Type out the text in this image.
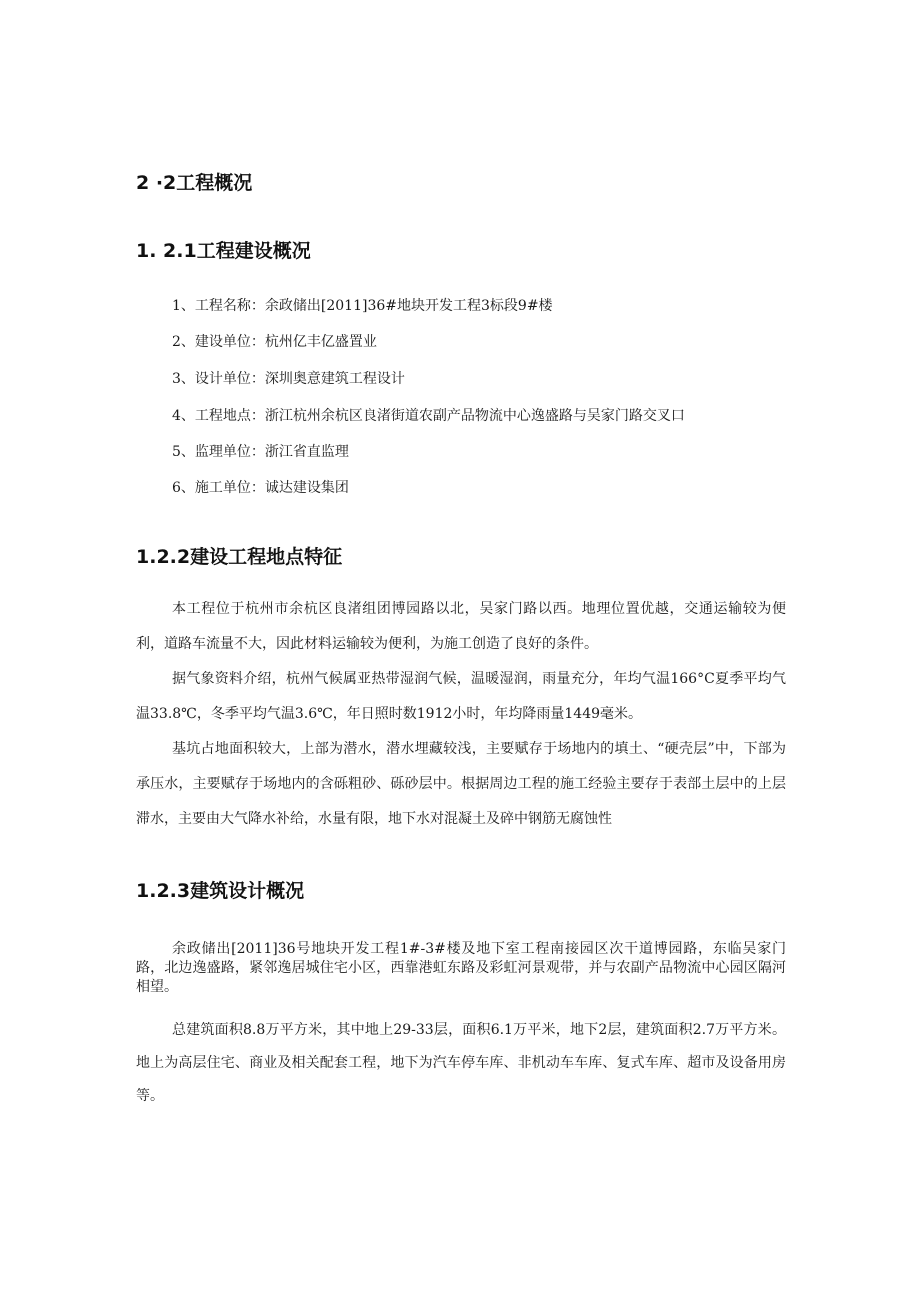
2 ·2工程概况
1. 2.1工程建设概况
1、工程名称：余政储出[2011]36#地块开发工程3标段9#楼
2、建设单位：杭州亿丰亿盛置业
3、设计单位：深圳奥意建筑工程设计
4、工程地点：浙江杭州余杭区良渚街道农副产品物流中心逸盛路与吴家门路交叉口
5、监理单位：浙江省直监理
6、施工单位：诚达建设集团
1.2.2建设工程地点特征
本工程位于杭州市余杭区良渚组团博园路以北，吴家门路以西。地理位置优越，交通运输较为便利，道路车流量不大，因此材料运输较为便利，为施工创造了良好的条件。
据气象资料介绍，杭州气候属亚热带湿润气候，温暖湿润，雨量充分，年均气温166°C夏季平均气温33.8℃，冬季平均气温3.6℃，年日照时数1912小时，年均降雨量1449毫米。
基坑占地面积较大，上部为潜水，潜水埋藏较浅，主要赋存于场地内的填土、“硬壳层”中，下部为承压水，主要赋存于场地内的含砾粗砂、砾砂层中。根据周边工程的施工经验主要存于表部土层中的上层滞水，主要由大气降水补给，水量有限，地下水对混凝土及碎中钢筋无腐蚀性
1.2.3建筑设计概况
余政储出[2011]36号地块开发工程1#-3#楼及地下室工程南接园区次干道博园路，东临吴家门路，北边逸盛路，紧邻逸居城住宅小区，西靠港虹东路及彩虹河景观带，并与农副产品物流中心园区隔河相望。
总建筑面积8.8万平方米，其中地上29-33层，面积6.1万平米，地下2层，建筑面积2.7万平方米。地上为高层住宅、商业及相关配套工程，地下为汽车停车库、非机动车车库、复式车库、超市及设备用房等。
